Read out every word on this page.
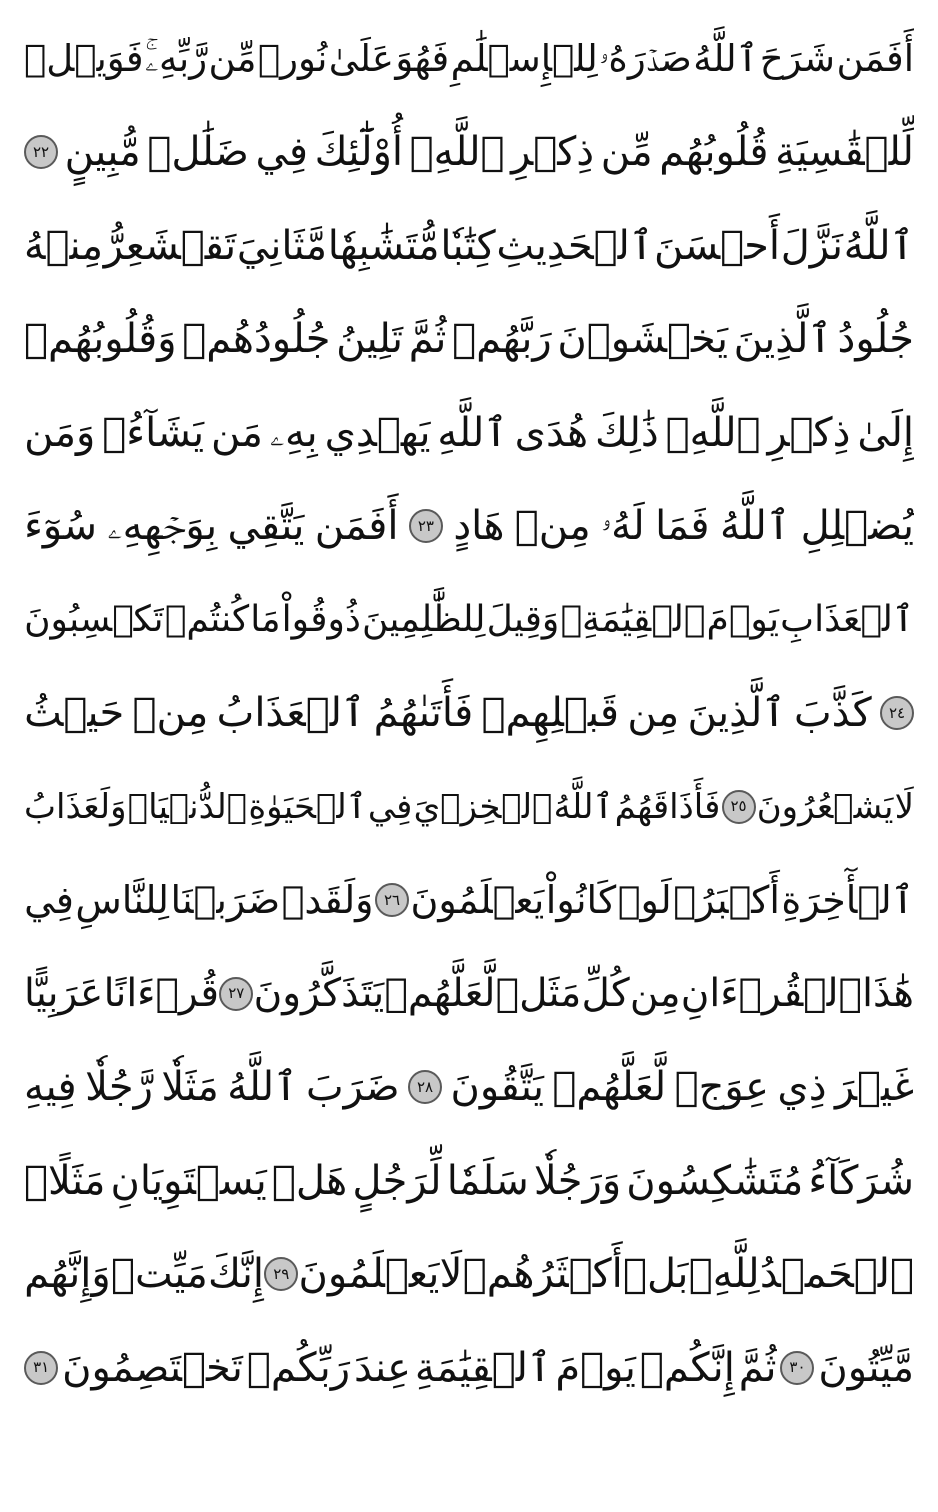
أَفَمَن
شَرَحَ
ٱللَّهُ
صَدۡرَهُۥ
لِلۡإِسۡلَٰمِ
فَهُوَ
عَلَىٰ
نُورٖ
مِّن
رَّبِّهِۦۚ
فَوَيۡلٞ
لِّلۡقَٰسِيَةِ
قُلُوبُهُم
مِّن
ذِكۡرِ
ٱللَّهِۚ
أُوْلَٰٓئِكَ
فِي
ضَلَٰلٖ
مُّبِينٍ
٢٢
ٱللَّهُ
نَزَّلَ
أَحۡسَنَ
ٱلۡحَدِيثِ
كِتَٰبٗا
مُّتَشَٰبِهٗا
مَّثَانِيَ
تَقۡشَعِرُّ
مِنۡهُ
جُلُودُ
ٱلَّذِينَ
يَخۡشَوۡنَ
رَبَّهُمۡ
ثُمَّ
تَلِينُ
جُلُودُهُمۡ
وَقُلُوبُهُمۡ
إِلَىٰ
ذِكۡرِ
ٱللَّهِۚ
ذَٰلِكَ
هُدَى
ٱللَّهِ
يَهۡدِي
بِهِۦ
مَن
يَشَآءُۚ
وَمَن
يُضۡلِلِ
ٱللَّهُ
فَمَا
لَهُۥ
مِنۡ
هَادٍ
٢٣
أَفَمَن
يَتَّقِي
بِوَجۡهِهِۦ
سُوٓءَ
ٱلۡعَذَابِ
يَوۡمَ
ٱلۡقِيَٰمَةِۚ
وَقِيلَ
لِلظَّٰلِمِينَ
ذُوقُواْ
مَا
كُنتُمۡ
تَكۡسِبُونَ
٢٤
كَذَّبَ
ٱلَّذِينَ
مِن
قَبۡلِهِمۡ
فَأَتَىٰهُمُ
ٱلۡعَذَابُ
مِنۡ
حَيۡثُ
لَا
يَشۡعُرُونَ
٢٥
فَأَذَاقَهُمُ
ٱللَّهُ
ٱلۡخِزۡيَ
فِي
ٱلۡحَيَوٰةِ
ٱلدُّنۡيَاۖ
وَلَعَذَابُ
ٱلۡأٓخِرَةِ
أَكۡبَرُۚ
لَوۡ
كَانُواْ
يَعۡلَمُونَ
٢٦
وَلَقَدۡ
ضَرَبۡنَا
لِلنَّاسِ
فِي
هَٰذَا
ٱلۡقُرۡءَانِ
مِن
كُلِّ
مَثَلٖ
لَّعَلَّهُمۡ
يَتَذَكَّرُونَ
٢٧
قُرۡءَانًا
عَرَبِيًّا
غَيۡرَ
ذِي
عِوَجٖ
لَّعَلَّهُمۡ
يَتَّقُونَ
٢٨
ضَرَبَ
ٱللَّهُ
مَثَلٗا
رَّجُلٗا
فِيهِ
شُرَكَآءُ
مُتَشَٰكِسُونَ
وَرَجُلٗا
سَلَمٗا
لِّرَجُلٍ
هَلۡ
يَسۡتَوِيَانِ
مَثَلًاۚ
ٱلۡحَمۡدُ
لِلَّهِۚ
بَلۡ
أَكۡثَرُهُمۡ
لَا
يَعۡلَمُونَ
٢٩
إِنَّكَ
مَيِّتٞ
وَإِنَّهُم
مَّيِّتُونَ
٣٠
ثُمَّ
إِنَّكُمۡ
يَوۡمَ
ٱلۡقِيَٰمَةِ
عِندَ
رَبِّكُمۡ
تَخۡتَصِمُونَ
٣١
